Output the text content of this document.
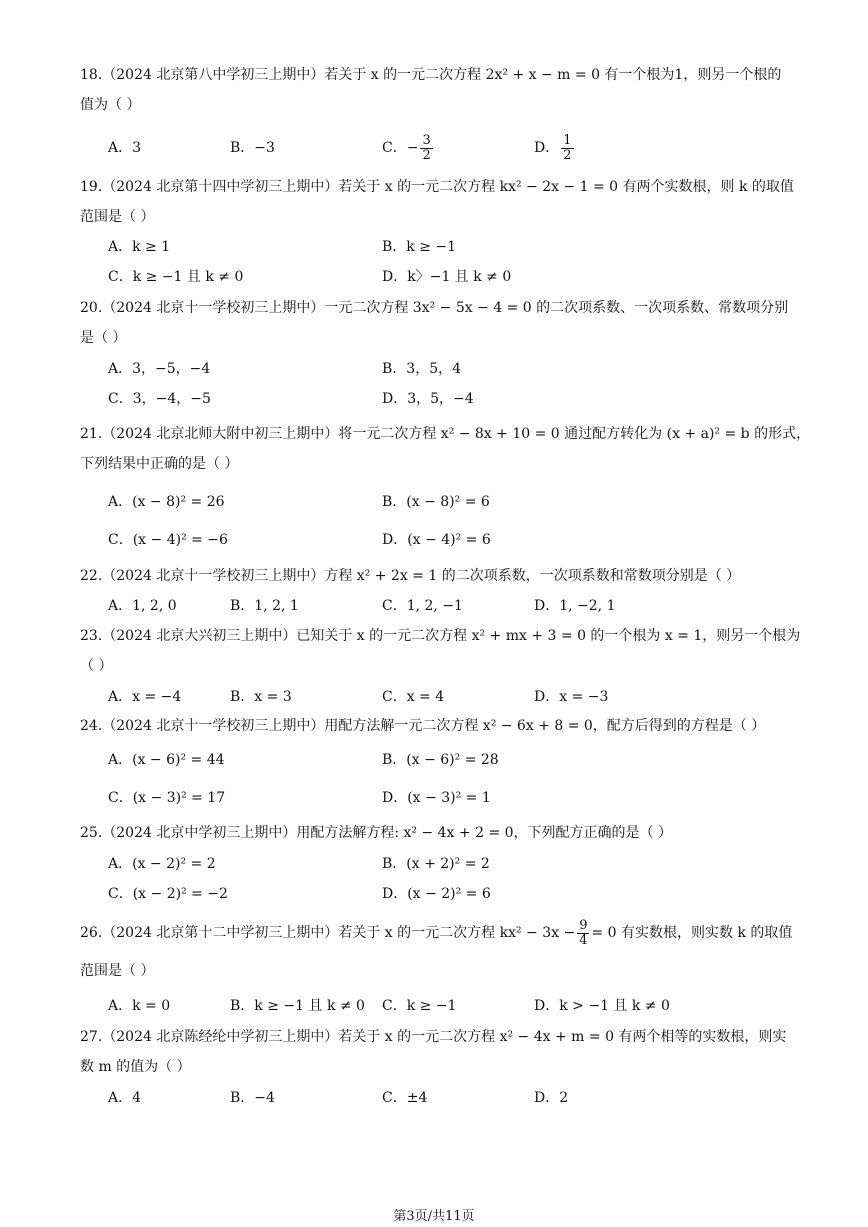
18.（2024 北京第八中学初三上期中）若关于 x 的一元二次方程 2x² + x − m = 0 有一个根为1，则另一个根的
值为（ ）
A．3	B．−3	C．− $\frac{3}{2}$	D． $\frac{1}{2}$
19.（2024 北京第十四中学初三上期中）若关于 x 的一元二次方程 kx² − 2x − 1 = 0 有两个实数根，则 k 的取值
范围是（ ）
A．k ≥ 1	B．k ≥ −1
C．k ≥ −1 且 k ≠ 0	D．k〉−1 且 k ≠ 0
20.（2024 北京十一学校初三上期中）一元二次方程 3x² − 5x − 4 = 0 的二次项系数、一次项系数、常数项分别
是（ ）
A．3，−5，−4	B．3，5，4
C．3，−4，−5	D．3，5，−4
21.（2024 北京北师大附中初三上期中）将一元二次方程 x² − 8x + 10 = 0 通过配方转化为 (x + a)² = b 的形式，
下列结果中正确的是（ ）
A．(x − 8)² = 26	B．(x − 8)² = 6
C．(x − 4)² = −6	D．(x − 4)² = 6
22.（2024 北京十一学校初三上期中）方程 x² + 2x = 1 的二次项系数，一次项系数和常数项分别是（ ）
A．1, 2, 0	B．1, 2, 1	C．1, 2, −1	D．1, −2, 1
23.（2024 北京大兴初三上期中）已知关于 x 的一元二次方程 x² + mx + 3 = 0 的一个根为 x = 1，则另一个根为
（ ）
A．x = −4	B．x = 3	C．x = 4	D．x = −3
24.（2024 北京十一学校初三上期中）用配方法解一元二次方程 x² − 6x + 8 = 0，配方后得到的方程是（ ）
A．(x − 6)² = 44	B．(x − 6)² = 28
C．(x − 3)² = 17	D．(x − 3)² = 1
25.（2024 北京中学初三上期中）用配方法解方程: x² − 4x + 2 = 0，下列配方正确的是（ ）
A．(x − 2)² = 2	B．(x + 2)² = 2
C．(x − 2)² = −2	D．(x − 2)² = 6
26.（2024 北京第十二中学初三上期中）若关于 x 的一元二次方程 $kx^2 - 3x - \frac{9}{4} = 0$ 有实数根，则实数 k 的取值
范围是（ ）
A．k = 0	B．k ≥ −1 且 k ≠ 0 C．k ≥ −1	D．k > −1 且 k ≠ 0
27.（2024 北京陈经纶中学初三上期中）若关于 x 的一元二次方程 x² − 4x + m = 0 有两个相等的实数根，则实
数 m 的值为（ ）
A．4	B．−4	C．±4	D．2
第3页/共11页
